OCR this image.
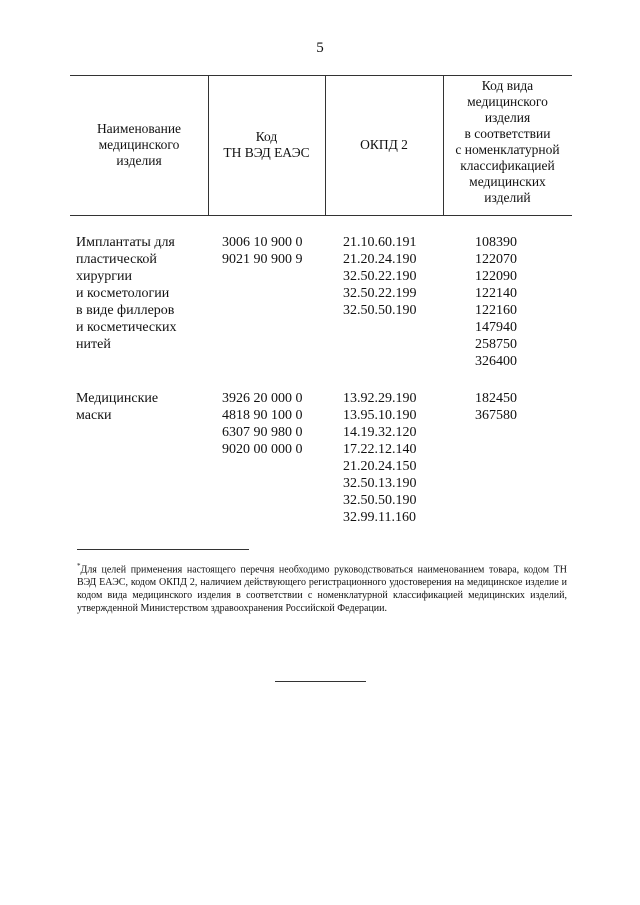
5
Наименование
медицинского
изделия
Код
ТН ВЭД ЕАЭС
ОКПД 2
Код вида
медицинского
изделия
в соответствии
с номенклатурной
классификацией
медицинских
изделий
Имплантаты для
пластической
хирургии
и косметологии
в виде филлеров
и косметических
нитей
3006 10 900 0
9021 90 900 9
21.10.60.191
21.20.24.190
32.50.22.190
32.50.22.199
32.50.50.190
108390
122070
122090
122140
122160
147940
258750
326400
Медицинские
маски
3926 20 000 0
4818 90 100 0
6307 90 980 0
9020 00 000 0
13.92.29.190
13.95.10.190
14.19.32.120
17.22.12.140
21.20.24.150
32.50.13.190
32.50.50.190
32.99.11.160
182450
367580
*Для целей применения настоящего перечня необходимо руководствоваться наименованием товара, кодом ТН ВЭД ЕАЭС, кодом ОКПД 2, наличием действующего регистрационного удостоверения на медицинское изделие и кодом вида медицинского изделия в соответствии с номенклатурной классификацией медицинских изделий, утвержденной Министерством здравоохранения Российской Федерации.
